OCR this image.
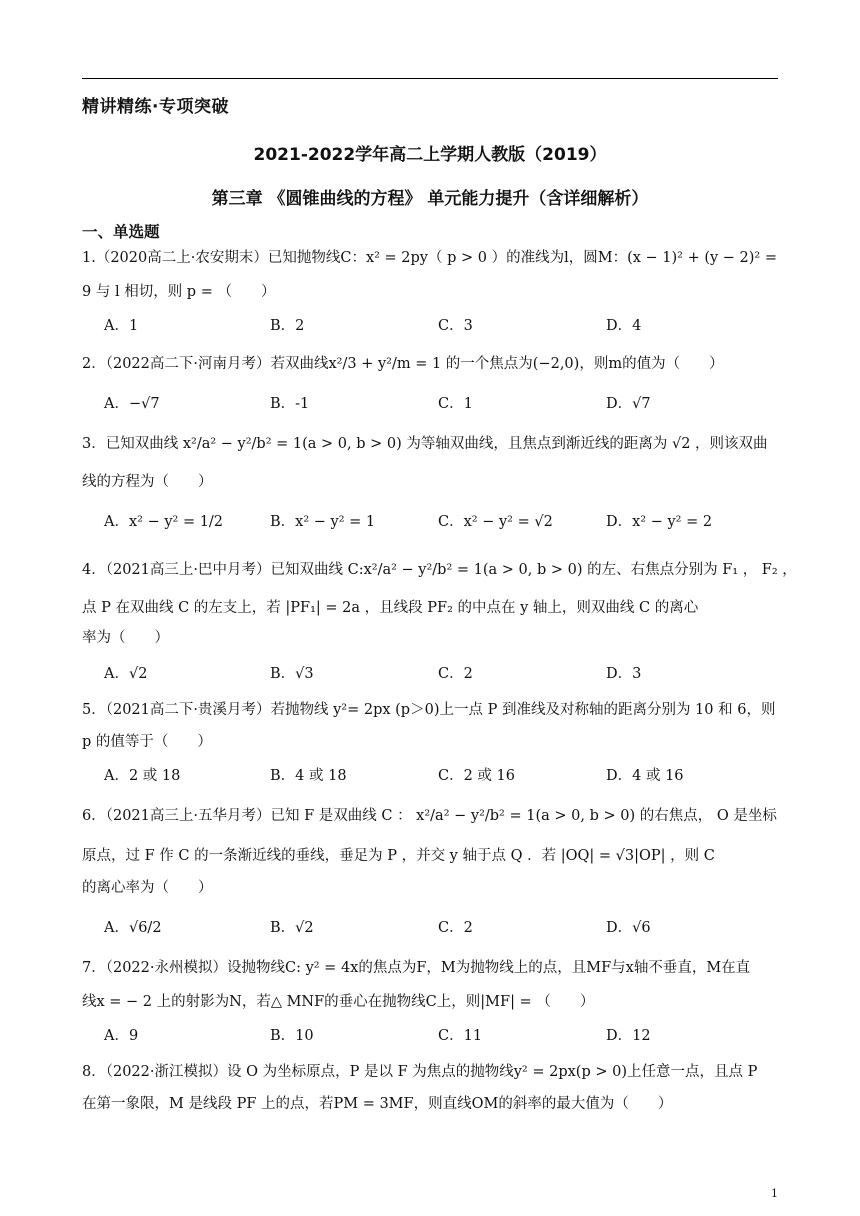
精讲精练·专项突破
2021-2022学年高二上学期人教版（2019）
第三章 《圆锥曲线的方程》 单元能力提升（含详细解析）
一、单选题
1.（2020高二上·农安期末）已知抛物线C：x² = 2py（ p > 0 ）的准线为l，圆M：(x − 1)² + (y − 2)² =
9 与 l 相切，则 p = （　　）
A．1	B．2	C．3	D．4
2．（2022高二下·河南月考）若双曲线x²/3 + y²/m = 1 的一个焦点为(−2,0)，则m的值为（　　）
A．−√7	B．-1	C．1	D．√7
3．已知双曲线 x²/a² − y²/b² = 1(a > 0, b > 0) 为等轴双曲线，且焦点到渐近线的距离为 √2 ，则该双曲
线的方程为（　　）
A．x² − y² = 1/2	B．x² − y² = 1	C．x² − y² = √2	D．x² − y² = 2
4．（2021高三上·巴中月考）已知双曲线 C:x²/a² − y²/b² = 1(a > 0, b > 0) 的左、右焦点分别为 F₁ ， F₂ ，
点 P 在双曲线 C 的左支上，若 |PF₁| = 2a ，且线段 PF₂ 的中点在 y 轴上，则双曲线 C 的离心
率为（　　）
A．√2	B．√3	C．2	D．3
5．（2021高二下·贵溪月考）若抛物线 y²= 2px (p＞0)上一点 P 到准线及对称轴的距离分别为 10 和 6，则
p 的值等于（　　）
A．2 或 18	B．4 或 18	C．2 或 16	D．4 或 16
6．（2021高三上·五华月考）已知 F 是双曲线 C ： x²/a² − y²/b² = 1(a > 0, b > 0) 的右焦点， O 是坐标
原点，过 F 作 C 的一条渐近线的垂线，垂足为 P ，并交 y 轴于点 Q ．若 |OQ| = √3|OP| ，则 C
的离心率为（　　）
A．√6/2	B．√2	C．2	D．√6
7．（2022·永州模拟）设抛物线C: y² = 4x的焦点为F，M为抛物线上的点，且MF与x轴不垂直，M在直
线x = − 2 上的射影为N，若△ MNF的垂心在抛物线C上，则|MF| = （　　）
A．9	B．10	C．11	D．12
8．（2022·浙江模拟）设 O 为坐标原点，P 是以 F 为焦点的抛物线y² = 2px(p > 0)上任意一点，且点 P
在第一象限，M 是线段 PF 上的点，若PM = 3MF，则直线OM的斜率的最大值为（　　）
1
